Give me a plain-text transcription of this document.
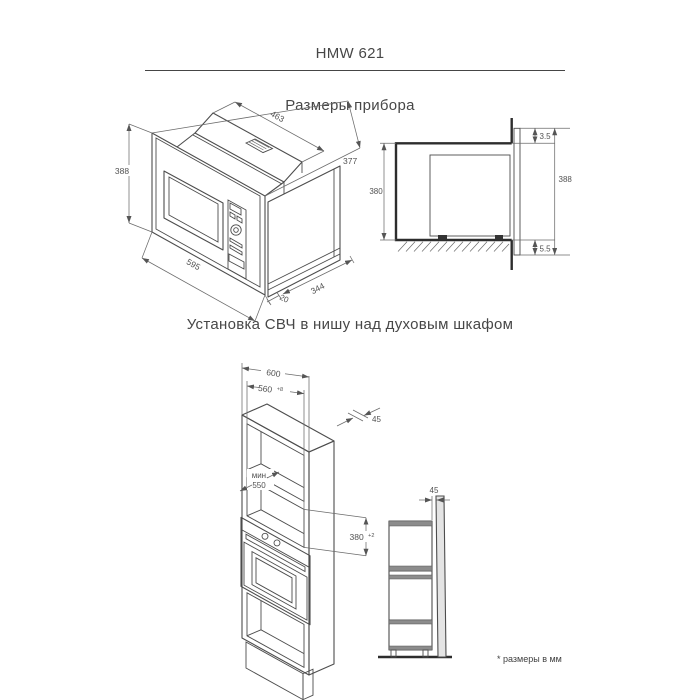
HMW 621
Размеры прибора
Установка СВЧ в нишу над духовым шкафом
388
595
463
377
20
344
380
3.5
5.5
388
600
560 +8
45
мин.
550
380 +2
45
* размеры в мм
